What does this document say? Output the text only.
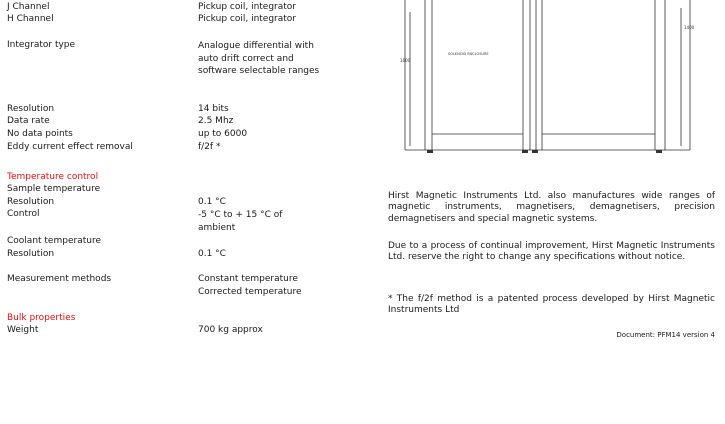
J Channel	Pickup coil, integrator
H Channel	Pickup coil, integrator
Integrator type	Analogue differential with auto drift correct and software selectable ranges
Resolution	14 bits
Data rate	2.5 Mhz
No data points	up to 6000
Eddy current effect removal	f/2f *
Temperature control
Sample temperature
Resolution	0.1 °C
Control	-5 °C to + 15 °C of ambient
Coolant temperature
Resolution	0.1 °C
Measurement methods	Constant temperature
Corrected temperature
Bulk properties
Weight	700 kg approx
1600
1400
SOLENOID ENCLOSURE
Hirst Magnetic Instruments Ltd. also manufactures wide ranges of magnetic instruments, magnetisers, demagnetisers, precision demagnetisers and special magnetic systems.
Due to a process of continual improvement, Hirst Magnetic Instruments Ltd. reserve the right to change any specifications without notice.
* The f/2f method is a patented process developed by Hirst Magnetic Instruments Ltd
Document: PFM14 version 4
